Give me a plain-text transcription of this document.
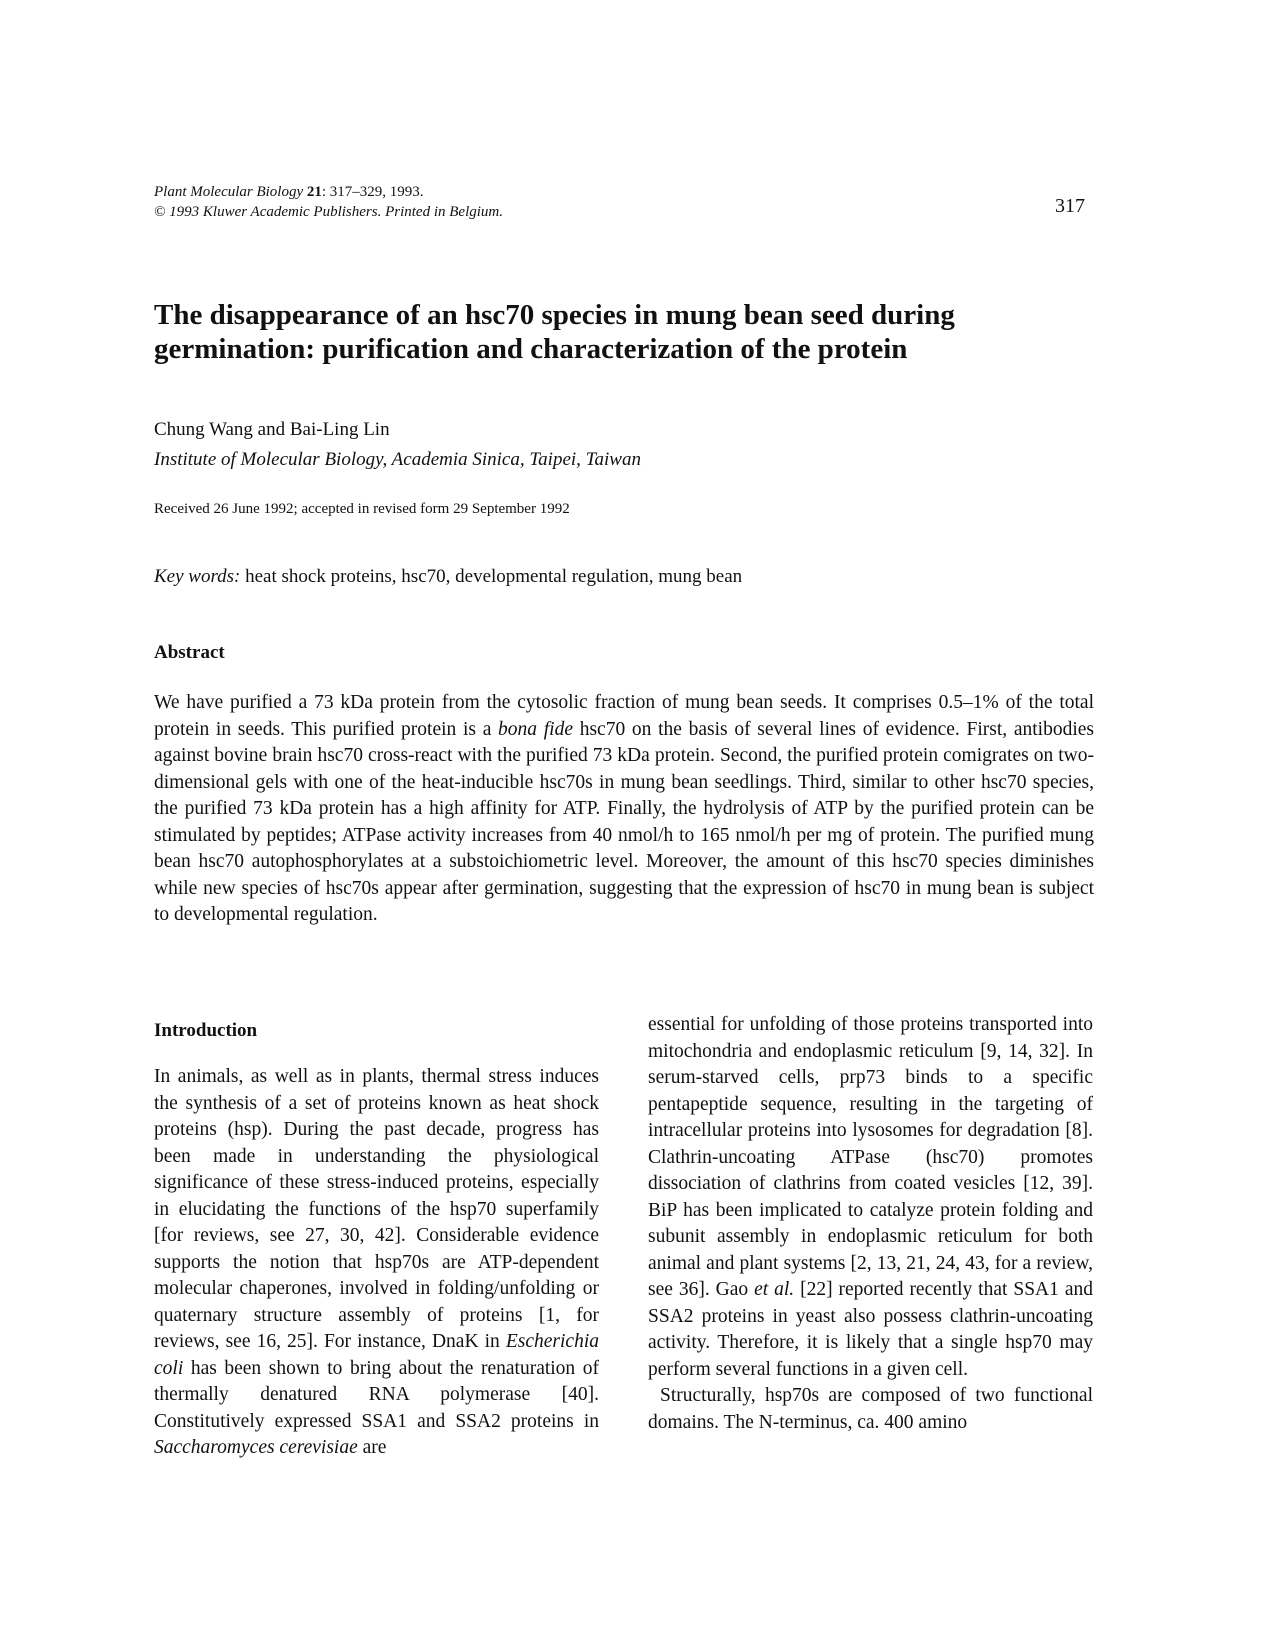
Plant Molecular Biology 21: 317–329, 1993.
© 1993 Kluwer Academic Publishers. Printed in Belgium.	317
The disappearance of an hsc70 species in mung bean seed during germination: purification and characterization of the protein
Chung Wang and Bai-Ling Lin
Institute of Molecular Biology, Academia Sinica, Taipei, Taiwan
Received 26 June 1992; accepted in revised form 29 September 1992
Key words: heat shock proteins, hsc70, developmental regulation, mung bean
Abstract

We have purified a 73 kDa protein from the cytosolic fraction of mung bean seeds. It comprises 0.5–1% of the total protein in seeds. This purified protein is a bona fide hsc70 on the basis of several lines of evidence. First, antibodies against bovine brain hsc70 cross-react with the purified 73 kDa protein. Second, the purified protein comigrates on two-dimensional gels with one of the heat-inducible hsc70s in mung bean seedlings. Third, similar to other hsc70 species, the purified 73 kDa protein has a high affinity for ATP. Finally, the hydrolysis of ATP by the purified protein can be stimulated by peptides; ATPase activity increases from 40 nmol/h to 165 nmol/h per mg of protein. The purified mung bean hsc70 autophosphorylates at a substoichiometric level. Moreover, the amount of this hsc70 species diminishes while new species of hsc70s appear after germination, suggesting that the expression of hsc70 in mung bean is subject to developmental regulation.

Introduction

In animals, as well as in plants, thermal stress induces the synthesis of a set of proteins known as heat shock proteins (hsp). During the past decade, progress has been made in understanding the physiological significance of these stress-induced proteins, especially in elucidating the functions of the hsp70 superfamily [for reviews, see 27, 30, 42]. Considerable evidence supports the notion that hsp70s are ATP-dependent molecular chaperones, involved in folding/unfolding or quaternary structure assembly of proteins [1, for reviews, see 16, 25]. For instance, DnaK in Escherichia coli has been shown to bring about the renaturation of thermally denatured RNA polymerase [40]. Constitutively expressed SSA1 and SSA2 proteins in Saccharomyces cerevisiae are

essential for unfolding of those proteins transported into mitochondria and endoplasmic reticulum [9, 14, 32]. In serum-starved cells, prp73 binds to a specific pentapeptide sequence, resulting in the targeting of intracellular proteins into lysosomes for degradation [8]. Clathrin-uncoating ATPase (hsc70) promotes dissociation of clathrins from coated vesicles [12, 39]. BiP has been implicated to catalyze protein folding and subunit assembly in endoplasmic reticulum for both animal and plant systems [2, 13, 21, 24, 43, for a review, see 36]. Gao et al. [22] reported recently that SSA1 and SSA2 proteins in yeast also possess clathrin-uncoating activity. Therefore, it is likely that a single hsp70 may perform several functions in a given cell.

Structurally, hsp70s are composed of two functional domains. The N-terminus, ca. 400 amino
